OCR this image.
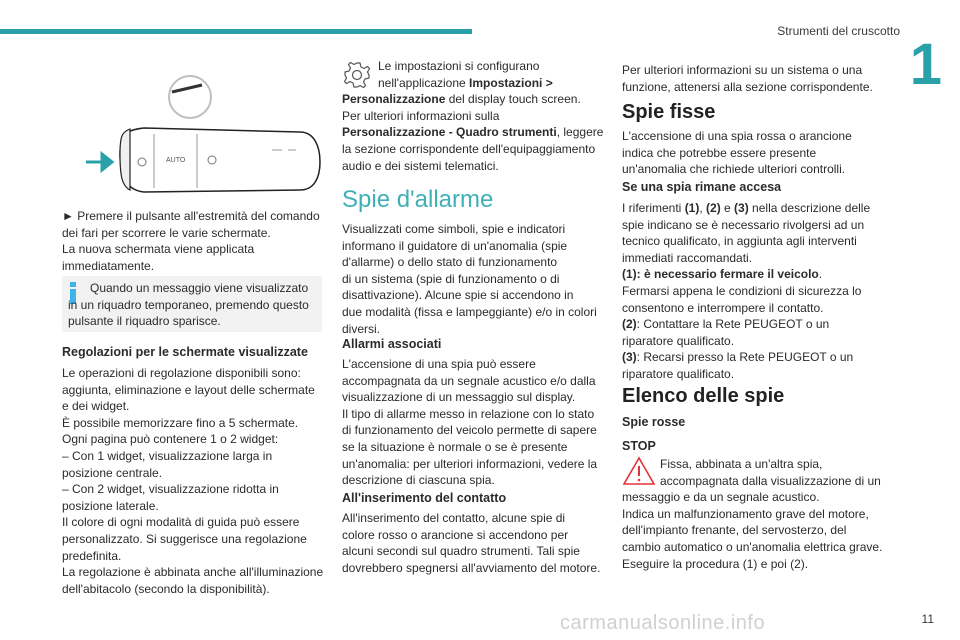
Strumenti del cruscotto
1
11
AUTO

► Premere il pulsante all'estremità del comando dei fari per scorrere le varie schermate.

La nuova schermata viene applicata immediatamente.

Quando un messaggio viene visualizzato in un riquadro temporaneo, premendo questo pulsante il riquadro sparisce.

Regolazioni per le schermate visualizzate

Le operazioni di regolazione disponibili sono:

aggiunta, eliminazione e layout delle schermate

e dei widget.

È possibile memorizzare fino a 5 schermate.

Ogni pagina può contenere 1 o 2 widget:

– Con 1 widget, visualizzazione larga in

posizione centrale.

– Con 2 widget, visualizzazione ridotta in

posizione laterale.

Il colore di ogni modalità di guida può essere

personalizzato. Si suggerisce una regolazione

predefinita.

La regolazione è abbinata anche all'illuminazione

dell'abitacolo (secondo la disponibilità).

Le impostazioni si configurano

nell'applicazione Impostazioni >

Personalizzazione del display touch screen.

Per ulteriori informazioni sulla

Personalizzazione - Quadro strumenti, leggere

la sezione corrispondente dell'equipaggiamento

audio e dei sistemi telematici.

Spie d'allarme

Visualizzati come simboli, spie e indicatori

informano il guidatore di un'anomalia (spie

d'allarme) o dello stato di funzionamento

di un sistema (spie di funzionamento o di

disattivazione). Alcune spie si accendono in

due modalità (fissa e lampeggiante) e/o in colori

diversi.

Allarmi associati

L'accensione di una spia può essere

accompagnata da un segnale acustico e/o dalla

visualizzazione di un messaggio sul display.

Il tipo di allarme messo in relazione con lo stato

di funzionamento del veicolo permette di sapere

se la situazione è normale o se è presente

un'anomalia: per ulteriori informazioni, vedere la

descrizione di ciascuna spia.

All'inserimento del contatto

All'inserimento del contatto, alcune spie di

colore rosso o arancione si accendono per

alcuni secondi sul quadro strumenti. Tali spie

dovrebbero spegnersi all'avviamento del motore.

Per ulteriori informazioni su un sistema o una

funzione, attenersi alla sezione corrispondente.

Spie fisse

L'accensione di una spia rossa o arancione

indica che potrebbe essere presente

un'anomalia che richiede ulteriori controlli.

Se una spia rimane accesa

I riferimenti (1), (2) e (3) nella descrizione delle

spie indicano se è necessario rivolgersi ad un

tecnico qualificato, in aggiunta agli interventi

immediati raccomandati.

(1): è necessario fermare il veicolo.

Fermarsi appena le condizioni di sicurezza lo

consentono e interrompere il contatto.

(2): Contattare la Rete PEUGEOT o un

riparatore qualificato.

(3): Recarsi presso la Rete PEUGEOT o un

riparatore qualificato.

Elenco delle spie

Spie rosse

STOP

Fissa, abbinata a un'altra spia,

accompagnata dalla visualizzazione di un

messaggio e da un segnale acustico.

Indica un malfunzionamento grave del motore,

dell'impianto frenante, del servosterzo, del

cambio automatico o un'anomalia elettrica grave.

Eseguire la procedura (1) e poi (2).

carmanualsonline.info
